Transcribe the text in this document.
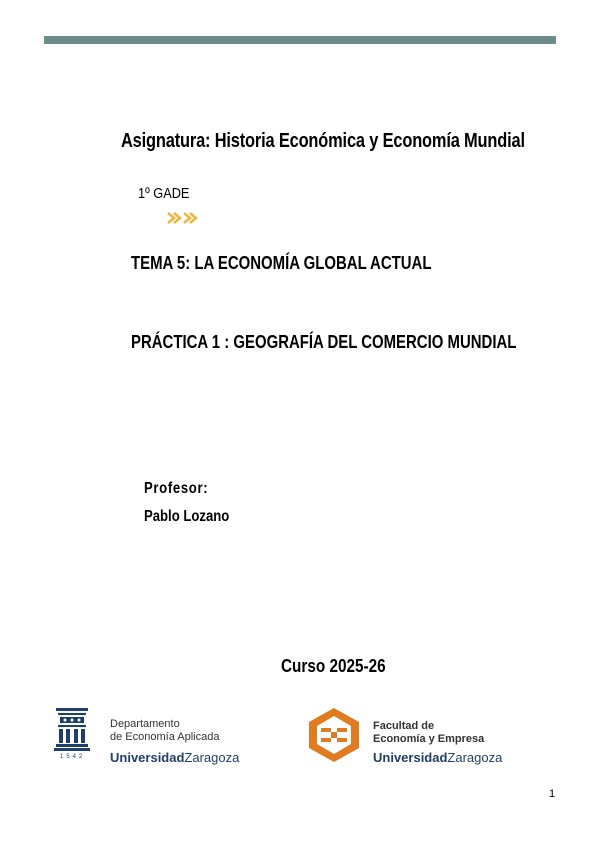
Asignatura: Historia Económica y Economía Mundial
1º GADE
TEMA 5: LA ECONOMÍA GLOBAL ACTUAL
PRÁCTICA 1 : GEOGRAFÍA DEL COMERCIO MUNDIAL
Profesor:
Pablo Lozano
Curso 2025-26
1542
Departamento
de Economía Aplicada
UniversidadZaragoza
Facultad de
Economía y Empresa
UniversidadZaragoza
1
